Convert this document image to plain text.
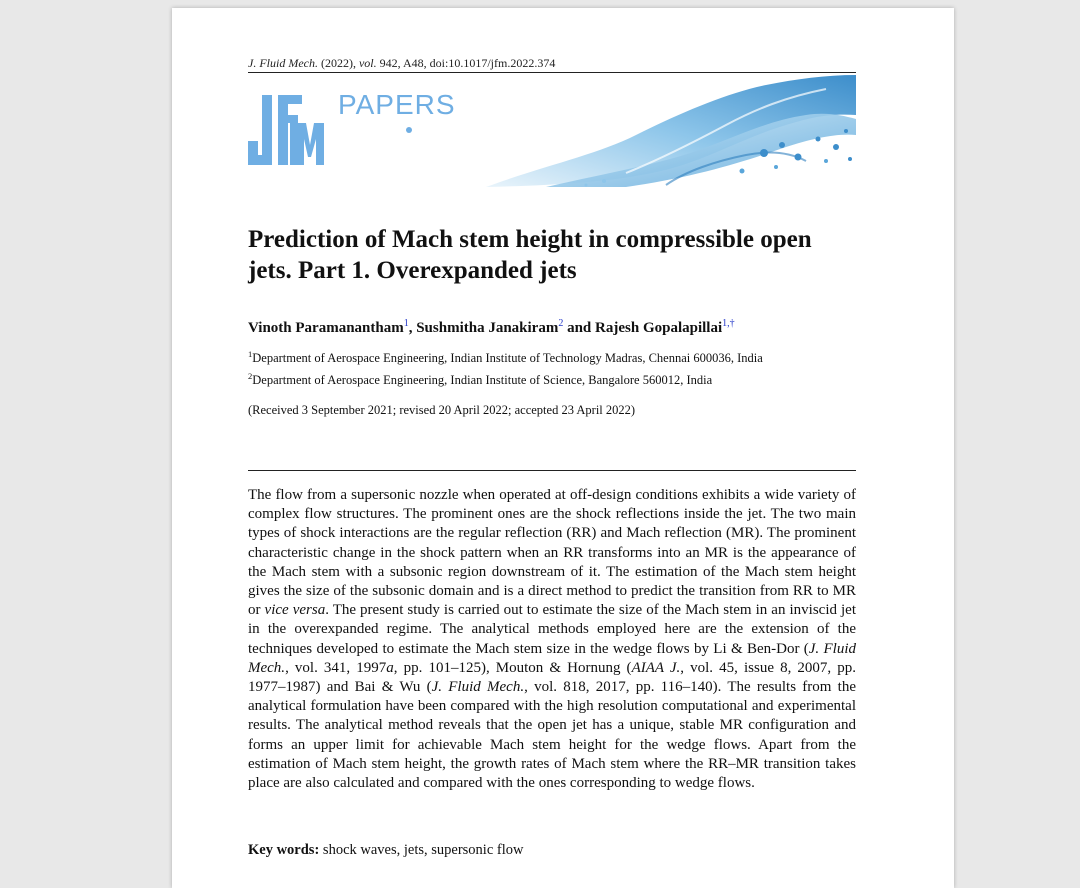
J. Fluid Mech. (2022), vol. 942, A48, doi:10.1017/jfm.2022.374
PAPERS
Prediction of Mach stem height in compressible open jets. Part 1. Overexpanded jets
Vinoth Paramanantham$^1$, Sushmitha Janakiram$^2$ and Rajesh Gopalapillai$^{1,\dagger}$
$^1$Department of Aerospace Engineering, Indian Institute of Technology Madras, Chennai 600036, India
$^2$Department of Aerospace Engineering, Indian Institute of Science, Bangalore 560012, India
(Received 3 September 2021; revised 20 April 2022; accepted 23 April 2022)
The flow from a supersonic nozzle when operated at off-design conditions exhibits a wide variety of complex flow structures. The prominent ones are the shock reflections inside the jet. The two main types of shock interactions are the regular reflection (RR) and Mach reflection (MR). The prominent characteristic change in the shock pattern when an RR transforms into an MR is the appearance of the Mach stem with a subsonic region downstream of it. The estimation of the Mach stem height gives the size of the subsonic domain and is a direct method to predict the transition from RR to MR or vice versa. The present study is carried out to estimate the size of the Mach stem in an inviscid jet in the overexpanded regime. The analytical methods employed here are the extension of the techniques developed to estimate the Mach stem size in the wedge flows by Li & Ben-Dor (J. Fluid Mech., vol. 341, 1997a, pp. 101–125), Mouton & Hornung (AIAA J., vol. 45, issue 8, 2007, pp. 1977–1987) and Bai & Wu (J. Fluid Mech., vol. 818, 2017, pp. 116–140). The results from the analytical formulation have been compared with the high resolution computational and experimental results. The analytical method reveals that the open jet has a unique, stable MR configuration and forms an upper limit for achievable Mach stem height for the wedge flows. Apart from the estimation of Mach stem height, the growth rates of Mach stem where the RR–MR transition takes place are also calculated and compared with the ones corresponding to wedge flows.
Key words: shock waves, jets, supersonic flow
